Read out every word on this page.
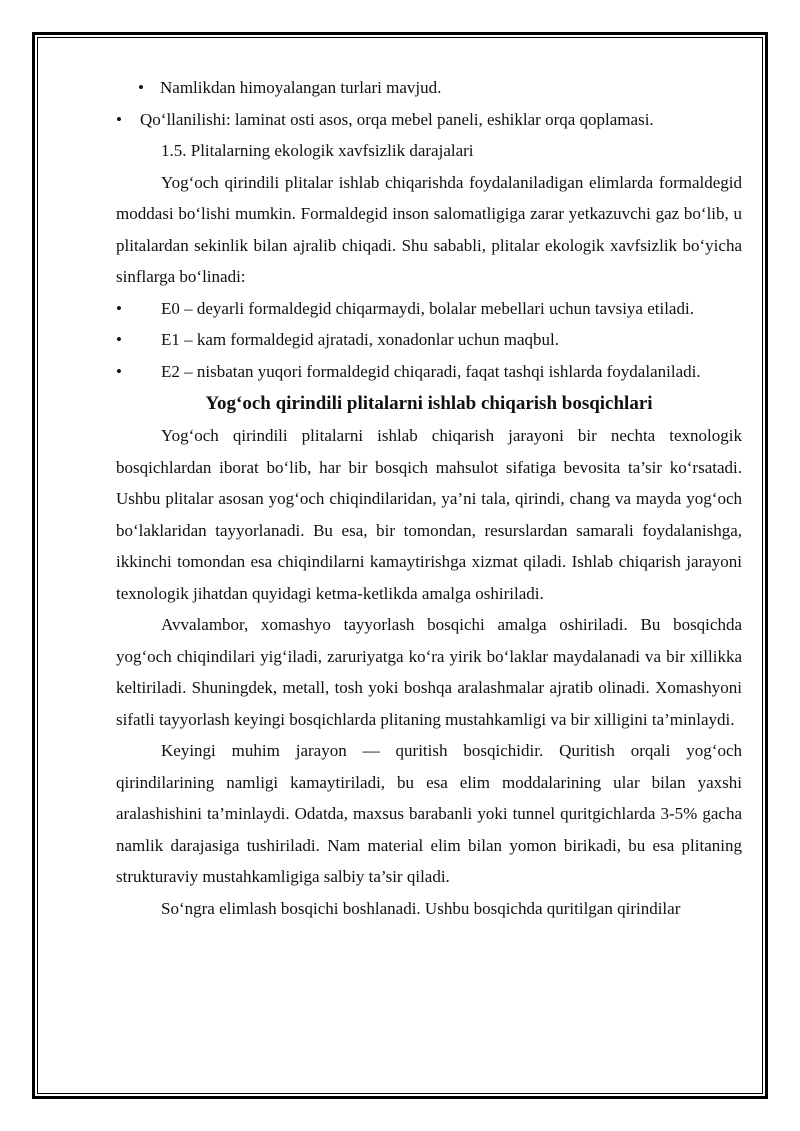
• Namlikdan himoyalangan turlari mavjud.
•	Qo‘llanilishi: laminat osti asos, orqa mebel paneli, eshiklar orqa qoplamasi.

1.5. Plitalarning ekologik xavfsizlik darajalari

Yog‘och qirindili plitalar ishlab chiqarishda foydalaniladigan elimlarda formaldegid moddasi bo‘lishi mumkin. Formaldegid inson salomatligiga zarar yetkazuvchi gaz bo‘lib, u plitalardan sekinlik bilan ajralib chiqadi. Shu sababli, plitalar ekologik xavfsizlik bo‘yicha sinflarga bo‘linadi:

• E0 – deyarli formaldegid chiqarmaydi, bolalar mebellari uchun tavsiya etiladi.

• E1 – kam formaldegid ajratadi, xonadonlar uchun maqbul.

• E2 – nisbatan yuqori formaldegid chiqaradi, faqat tashqi ishlarda foydalaniladi.

Yog‘och qirindili plitalarni ishlab chiqarish bosqichlari

Yog‘och qirindili plitalarni ishlab chiqarish jarayoni bir nechta texnologik bosqichlardan iborat bo‘lib, har bir bosqich mahsulot sifatiga bevosita ta’sir ko‘rsatadi. Ushbu plitalar asosan yog‘och chiqindilaridan, ya’ni tala, qirindi, chang va mayda yog‘och bo‘laklaridan tayyorlanadi. Bu esa, bir tomondan, resurslardan samarali foydalanishga, ikkinchi tomondan esa chiqindilarni kamaytirishga xizmat qiladi. Ishlab chiqarish jarayoni texnologik jihatdan quyidagi ketma-ketlikda amalga oshiriladi.

Avvalambor, xomashyo tayyorlash bosqichi amalga oshiriladi. Bu bosqichda yog‘och chiqindilari yig‘iladi, zaruriyatga ko‘ra yirik bo‘laklar maydalanadi va bir xillikka keltiriladi. Shuningdek, metall, tosh yoki boshqa aralashmalar ajratib olinadi. Xomashyoni sifatli tayyorlash keyingi bosqichlarda plitaning mustahkamligi va bir xilligini ta’minlaydi.

Keyingi muhim jarayon — quritish bosqichidir. Quritish orqali yog‘och qirindilarining namligi kamaytiriladi, bu esa elim moddalarining ular bilan yaxshi aralashishini ta’minlaydi. Odatda, maxsus barabanli yoki tunnel quritgichlarda 3-5% gacha namlik darajasiga tushiriladi. Nam material elim bilan yomon birikadi, bu esa plitaning strukturaviy mustahkamligiga salbiy ta’sir qiladi.

So‘ngra elimlash bosqichi boshlanadi. Ushbu bosqichda quritilgan qirindilar
